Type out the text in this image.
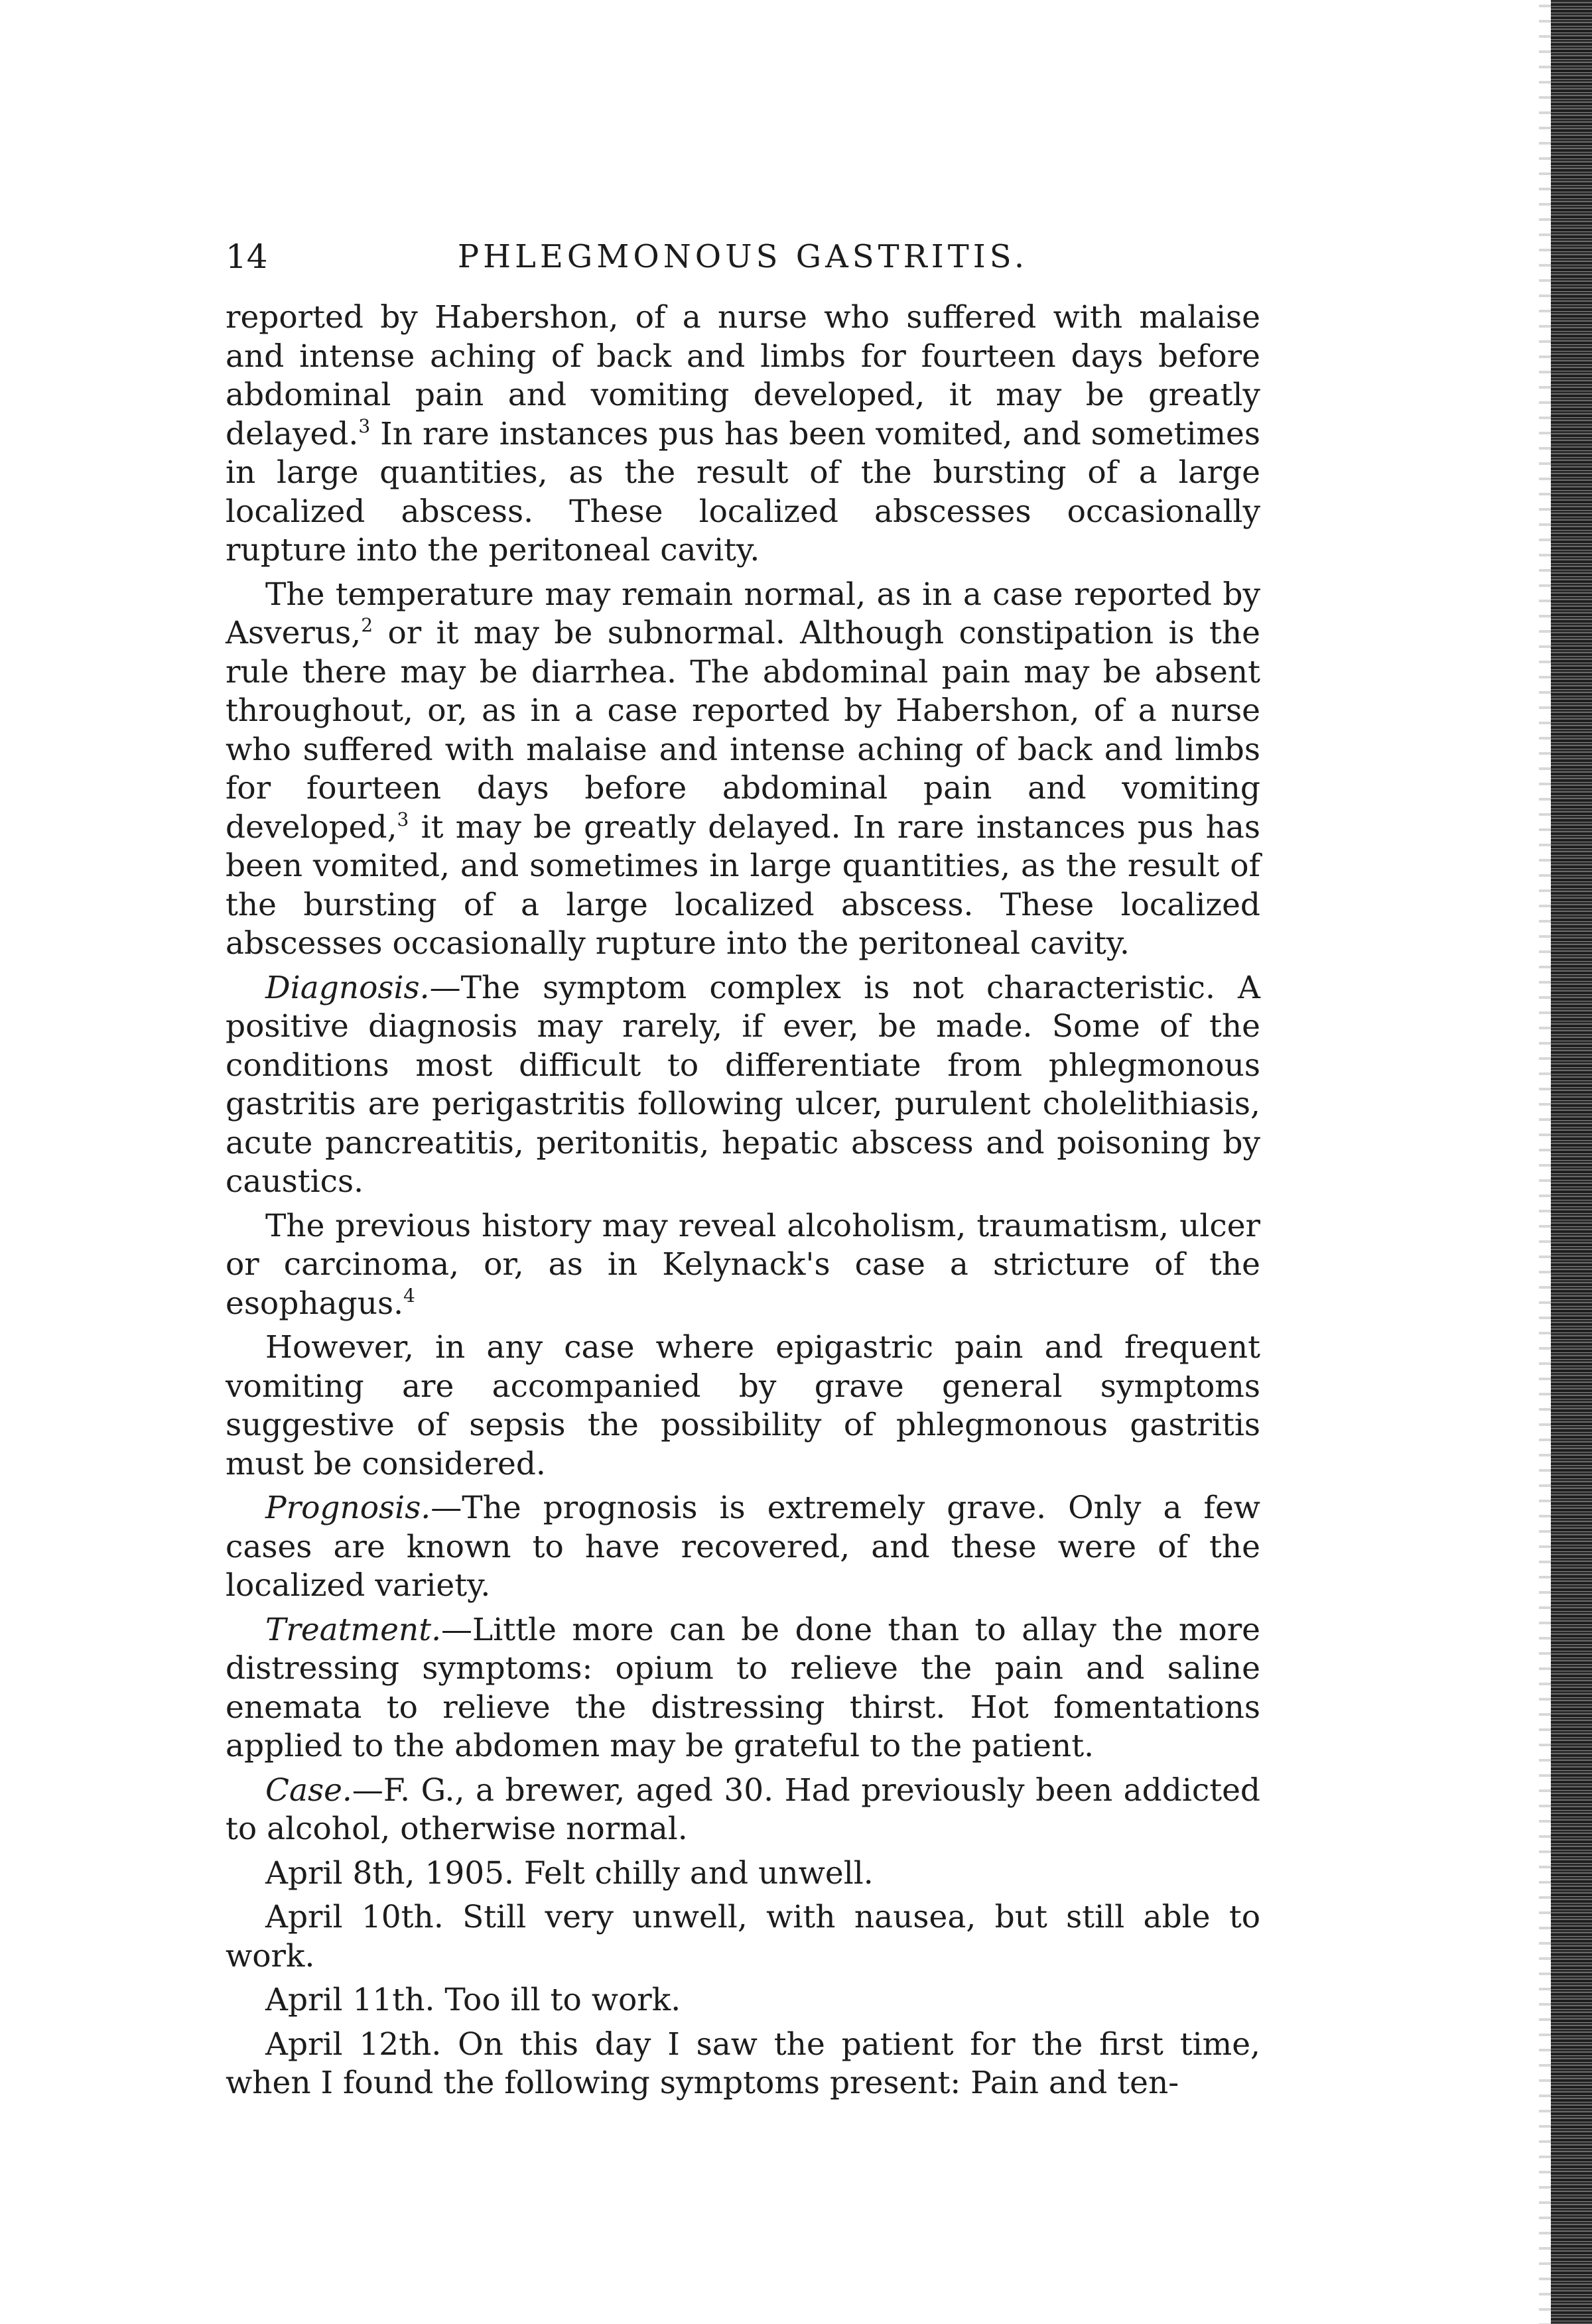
14	PHLEGMONOUS GASTRITIS.

reported by Habershon, of a nurse who suffered with malaise and intense aching of back and limbs for fourteen days before abdominal pain and vomiting developed, it may be greatly delayed.$^3$ In rare instances pus has been vomited, and sometimes in large quantities, as the result of the bursting of a large localized abscess. These localized abscesses occasionally rupture into the peritoneal cavity.

The temperature may remain normal, as in a case reported by Asverus,$^2$ or it may be subnormal. Although constipation is the rule there may be diarrhea. The abdominal pain may be absent throughout, or, as in a case reported by Habershon, of a nurse who suffered with malaise and intense aching of back and limbs for fourteen days before abdominal pain and vomiting developed,$^3$ it may be greatly delayed. In rare instances pus has been vomited, and sometimes in large quantities, as the result of the bursting of a large localized abscess. These localized abscesses occasionally rupture into the peritoneal cavity.

Diagnosis.—The symptom complex is not characteristic. A positive diagnosis may rarely, if ever, be made. Some of the conditions most difficult to differentiate from phlegmonous gastritis are perigastritis following ulcer, purulent cholelithiasis, acute pancreatitis, peritonitis, hepatic abscess and poisoning by caustics.

The previous history may reveal alcoholism, traumatism, ulcer or carcinoma, or, as in Kelynack's case a stricture of the esophagus.$^4$

However, in any case where epigastric pain and frequent vomiting are accompanied by grave general symptoms suggestive of sepsis the possibility of phlegmonous gastritis must be considered.

Prognosis.—The prognosis is extremely grave. Only a few cases are known to have recovered, and these were of the localized variety.

Treatment.—Little more can be done than to allay the more distressing symptoms: opium to relieve the pain and saline enemata to relieve the distressing thirst. Hot fomentations applied to the abdomen may be grateful to the patient.

Case.—F. G., a brewer, aged 30. Had previously been addicted to alcohol, otherwise normal.

April 8th, 1905. Felt chilly and unwell.

April 10th. Still very unwell, with nausea, but still able to work.

April 11th. Too ill to work.

April 12th. On this day I saw the patient for the first time, when I found the following symptoms present: Pain and ten-
